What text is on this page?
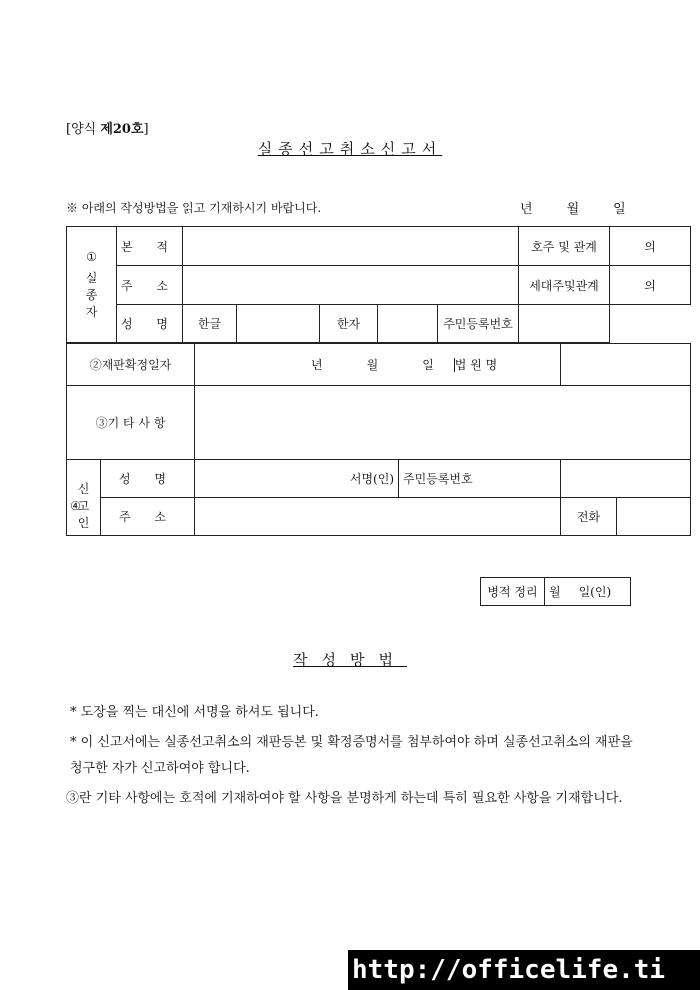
[양식 제20호]
실종선고취소신고서
※ 아래의 작성방법을 읽고 기재하시기 바랍니다.	년	월	일
①
실종자	본 적						호주 및 관계	의
	주 소						세대주및관계	의
	성 명	한글		한자		주민등록번호		
②재판확정일자		년 월 일 법 원 명			
③기 타 사 항					

신고인
④	성 명	서명(인)	주민등록번호		
	주 소			전화	
병적 정리	월 일(인)
작성방법
* 도장을 찍는 대신에 서명을 하셔도 됩니다.
* 이 신고서에는 실종선고취소의 재판등본 및 확정증명서를 첨부하여야 하며 실종선고취소의 재판을 청구한 자가 신고하여야 합니다.
③란 기타 사항에는 호적에 기재하여야 할 사항을 분명하게 하는데 특히 필요한 사항을 기재합니다.
http://officelife.ti
